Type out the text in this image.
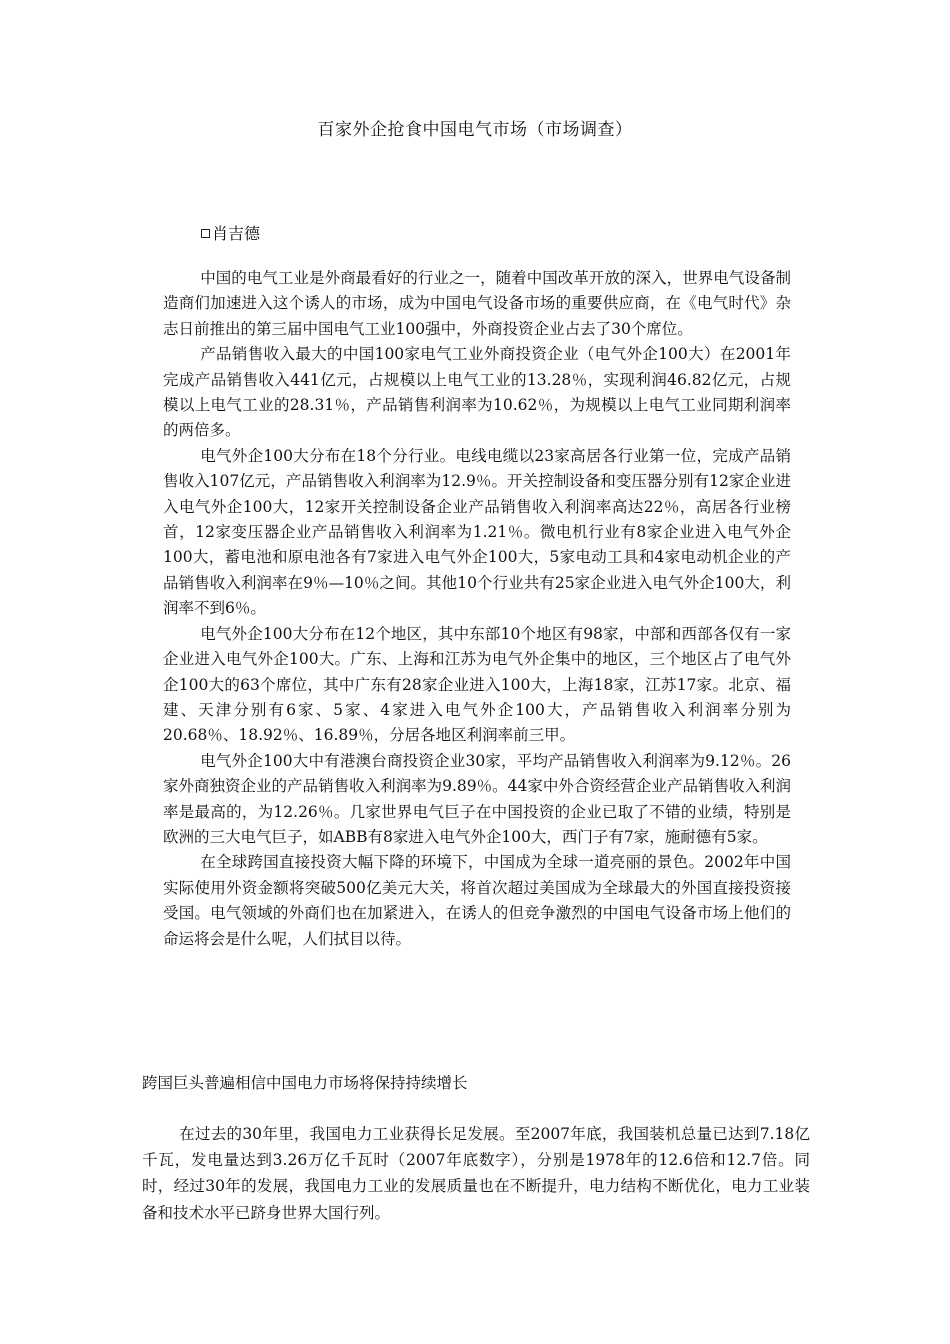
百家外企抢食中国电气市场（市场调查）
肖吉德

中国的电气工业是外商最看好的行业之一，随着中国改革开放的深入，世界电气设备制造商们加速进入这个诱人的市场，成为中国电气设备市场的重要供应商，在《电气时代》杂志日前推出的第三届中国电气工业100强中，外商投资企业占去了30个席位。

产品销售收入最大的中国100家电气工业外商投资企业（电气外企100大）在2001年完成产品销售收入441亿元，占规模以上电气工业的13.28％，实现利润46.82亿元，占规模以上电气工业的28.31％，产品销售利润率为10.62％，为规模以上电气工业同期利润率的两倍多。

电气外企100大分布在18个分行业。电线电缆以23家高居各行业第一位，完成产品销售收入107亿元，产品销售收入利润率为12.9％。开关控制设备和变压器分别有12家企业进入电气外企100大，12家开关控制设备企业产品销售收入利润率高达22％，高居各行业榜首，12家变压器企业产品销售收入利润率为1.21％。微电机行业有8家企业进入电气外企100大，蓄电池和原电池各有7家进入电气外企100大，5家电动工具和4家电动机企业的产品销售收入利润率在9％—10％之间。其他10个行业共有25家企业进入电气外企100大，利润率不到6％。

电气外企100大分布在12个地区，其中东部10个地区有98家，中部和西部各仅有一家企业进入电气外企100大。广东、上海和江苏为电气外企集中的地区，三个地区占了电气外企100大的63个席位，其中广东有28家企业进入100大，上海18家，江苏17家。北京、福建、天津分别有6家、5家、4家进入电气外企100大，产品销售收入利润率分别为20.68％、18.92％、16.89％，分居各地区利润率前三甲。

电气外企100大中有港澳台商投资企业30家，平均产品销售收入利润率为9.12％。26家外商独资企业的产品销售收入利润率为9.89％。44家中外合资经营企业产品销售收入利润率是最高的，为12.26％。几家世界电气巨子在中国投资的企业已取了不错的业绩，特别是欧洲的三大电气巨子，如ABB有8家进入电气外企100大，西门子有7家，施耐德有5家。

在全球跨国直接投资大幅下降的环境下，中国成为全球一道亮丽的景色。2002年中国实际使用外资金额将突破500亿美元大关，将首次超过美国成为全球最大的外国直接投资接受国。电气领域的外商们也在加紧进入，在诱人的但竞争激烈的中国电气设备市场上他们的命运将会是什么呢，人们拭目以待。

跨国巨头普遍相信中国电力市场将保持持续增长

在过去的30年里，我国电力工业获得长足发展。至2007年底，我国装机总量已达到7.18亿千瓦，发电量达到3.26万亿千瓦时（2007年底数字），分别是1978年的12.6倍和12.7倍。同时，经过30年的发展，我国电力工业的发展质量也在不断提升，电力结构不断优化，电力工业装备和技术水平已跻身世界大国行列。
